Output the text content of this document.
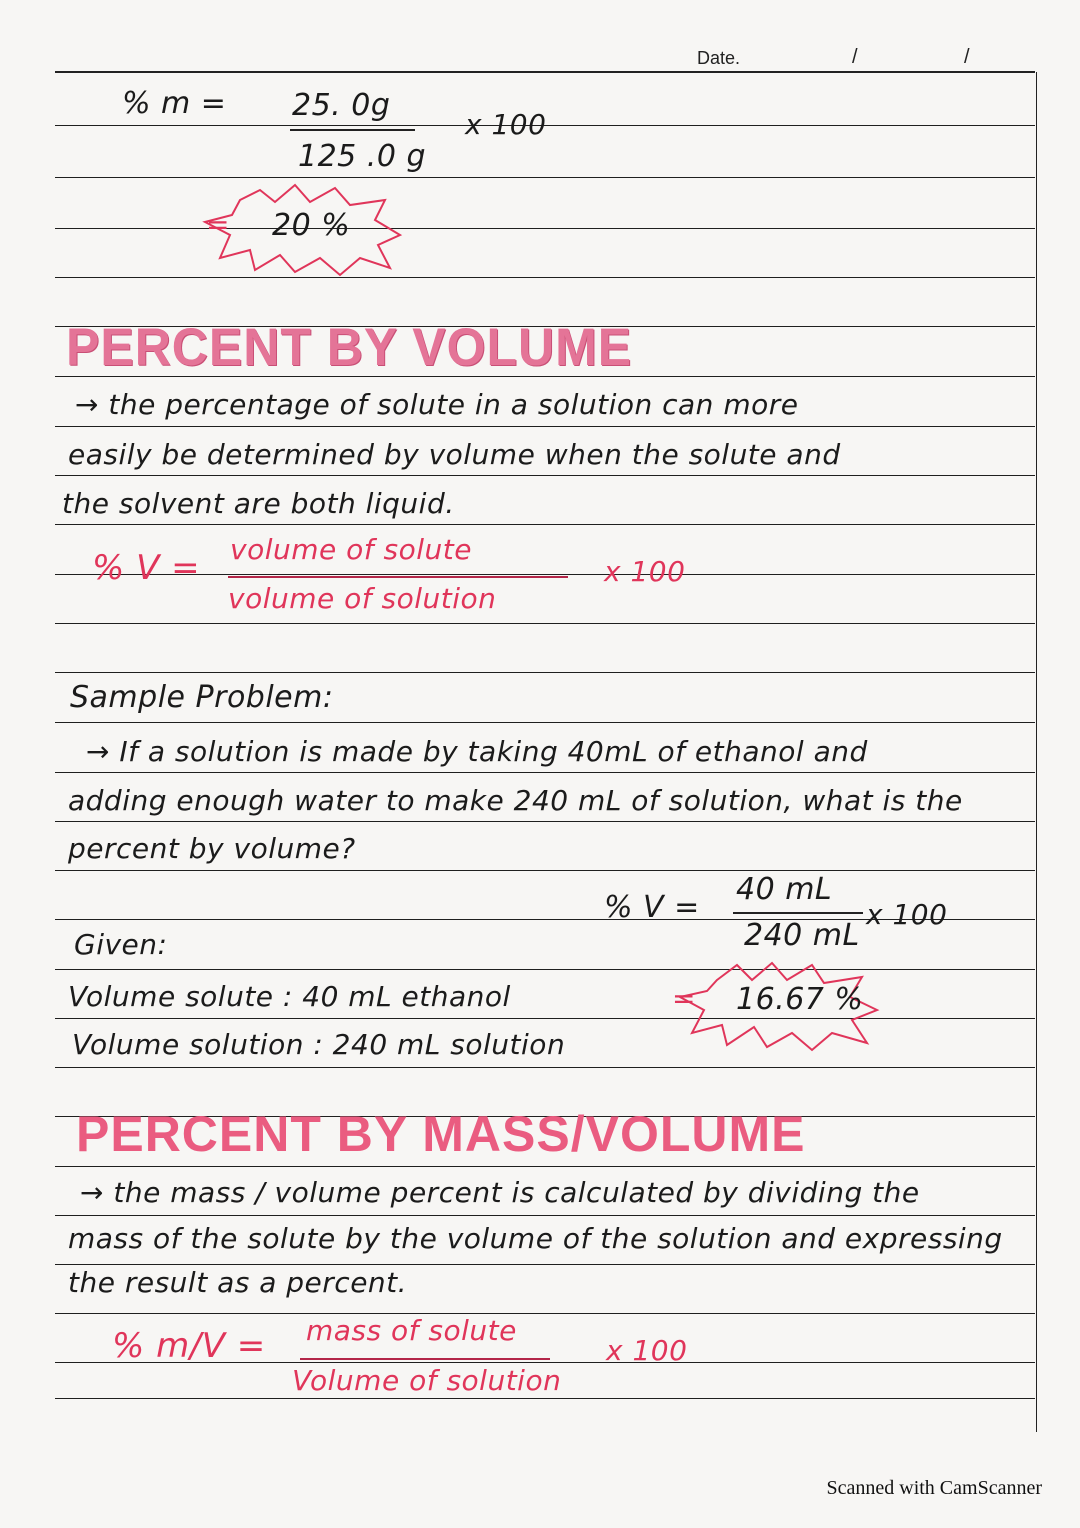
Date.	/	/
% m = 25. 0g
125 .0 g
x 100
= 20 %
PERCENT BY VOLUME
→ the percentage of solute in a solution can more
easily be determined by volume when the solute and
the solvent are both liquid.
% V = volume of solute
volume of solution
x 100
Sample Problem:
→ If a solution is made by taking 40mL of ethanol and
adding enough water to make 240 mL of solution, what is the
percent by volume?
% V =
40 mL
240 mL
x 100
Given:
Volume solute : 40 mL ethanol
Volume solution : 240 mL solution
= 16.67 %
PERCENT BY MASS/VOLUME
→ the mass / volume percent is calculated by dividing the
mass of the solute by the volume of the solution and expressing
the result as a percent.
% m/V = mass of solute
Volume of solution
x 100
Scanned with CamScanner
